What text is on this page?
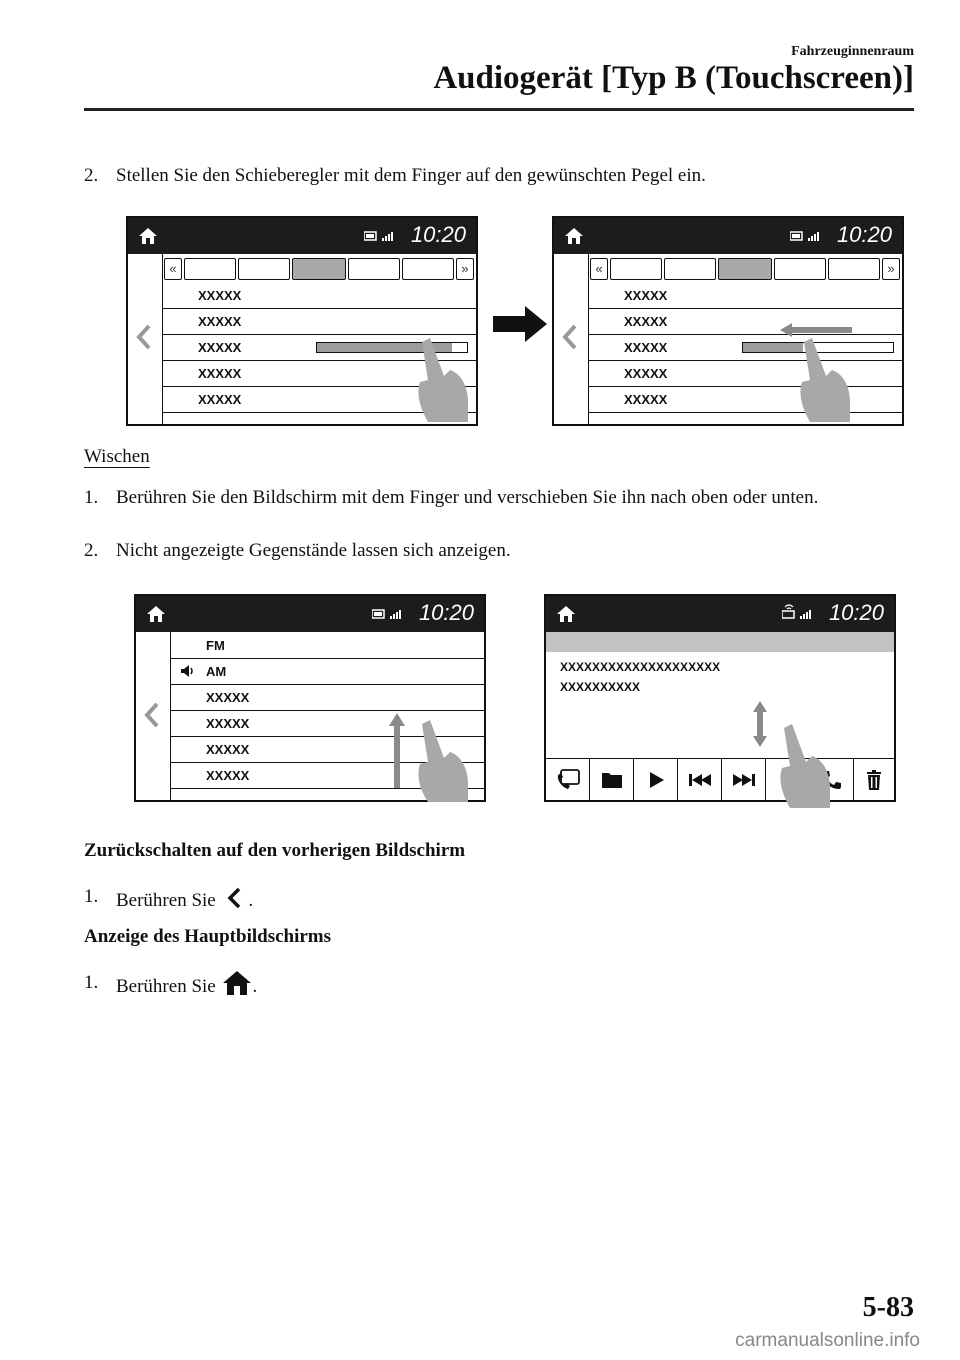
Fahrzeuginnenraum
Audiogerät [Typ B (Touchscreen)]
2. Stellen Sie den Schieberegler mit dem Finger auf den gewünschten Pegel ein.
10:20
«	»
XXXXX
XXXXX
XXXXX
XXXXX
XXXXX
10:20
«	»
XXXXX
XXXXX
XXXXX
XXXXX
XXXXX
Wischen
1. Berühren Sie den Bildschirm mit dem Finger und verschieben Sie ihn nach oben oder unten.
2. Nicht angezeigte Gegenstände lassen sich anzeigen.
10:20
FM
AM
XXXXX
XXXXX
XXXXX
XXXXX
10:20
XXXXXXXXXXXXXXXXXXXX
XXXXXXXXXX
Zurückschalten auf den vorherigen Bildschirm
1. Berühren Sie .
Anzeige des Hauptbildschirms
1. Berühren Sie .
5-83
carmanualsonline.info
